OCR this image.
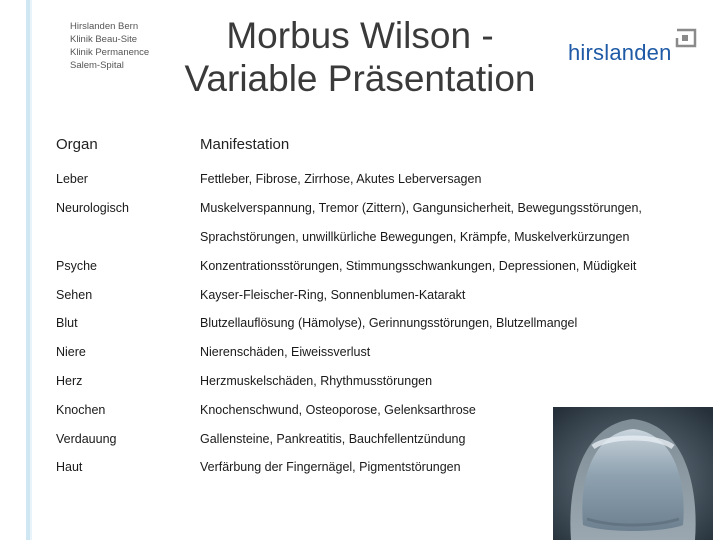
Hirslanden Bern
Klinik Beau-Site
Klinik Permanence
Salem-Spital
Morbus Wilson -
Variable Präsentation
hirslanden
Organ	Manifestation
Leber	Fettleber, Fibrose, Zirrhose, Akutes Leberversagen
Neurologisch	Muskelverspannung, Tremor (Zittern), Gangunsicherheit, Bewegungsstörungen,
Sprachstörungen, unwillkürliche Bewegungen, Krämpfe, Muskelverkürzungen
Psyche	Konzentrationsstörungen, Stimmungsschwankungen, Depressionen, Müdigkeit
Sehen	Kayser-Fleischer-Ring, Sonnenblumen-Katarakt
Blut	Blutzellauflösung (Hämolyse), Gerinnungsstörungen, Blutzellmangel
Niere	Nierenschäden, Eiweissverlust
Herz	Herzmuskelschäden, Rhythmusstörungen
Knochen	Knochenschwund, Osteoporose, Gelenksarthrose
Verdauung	Gallensteine, Pankreatitis, Bauchfellentzündung
Haut	Verfärbung der Fingernägel, Pigmentstörungen
